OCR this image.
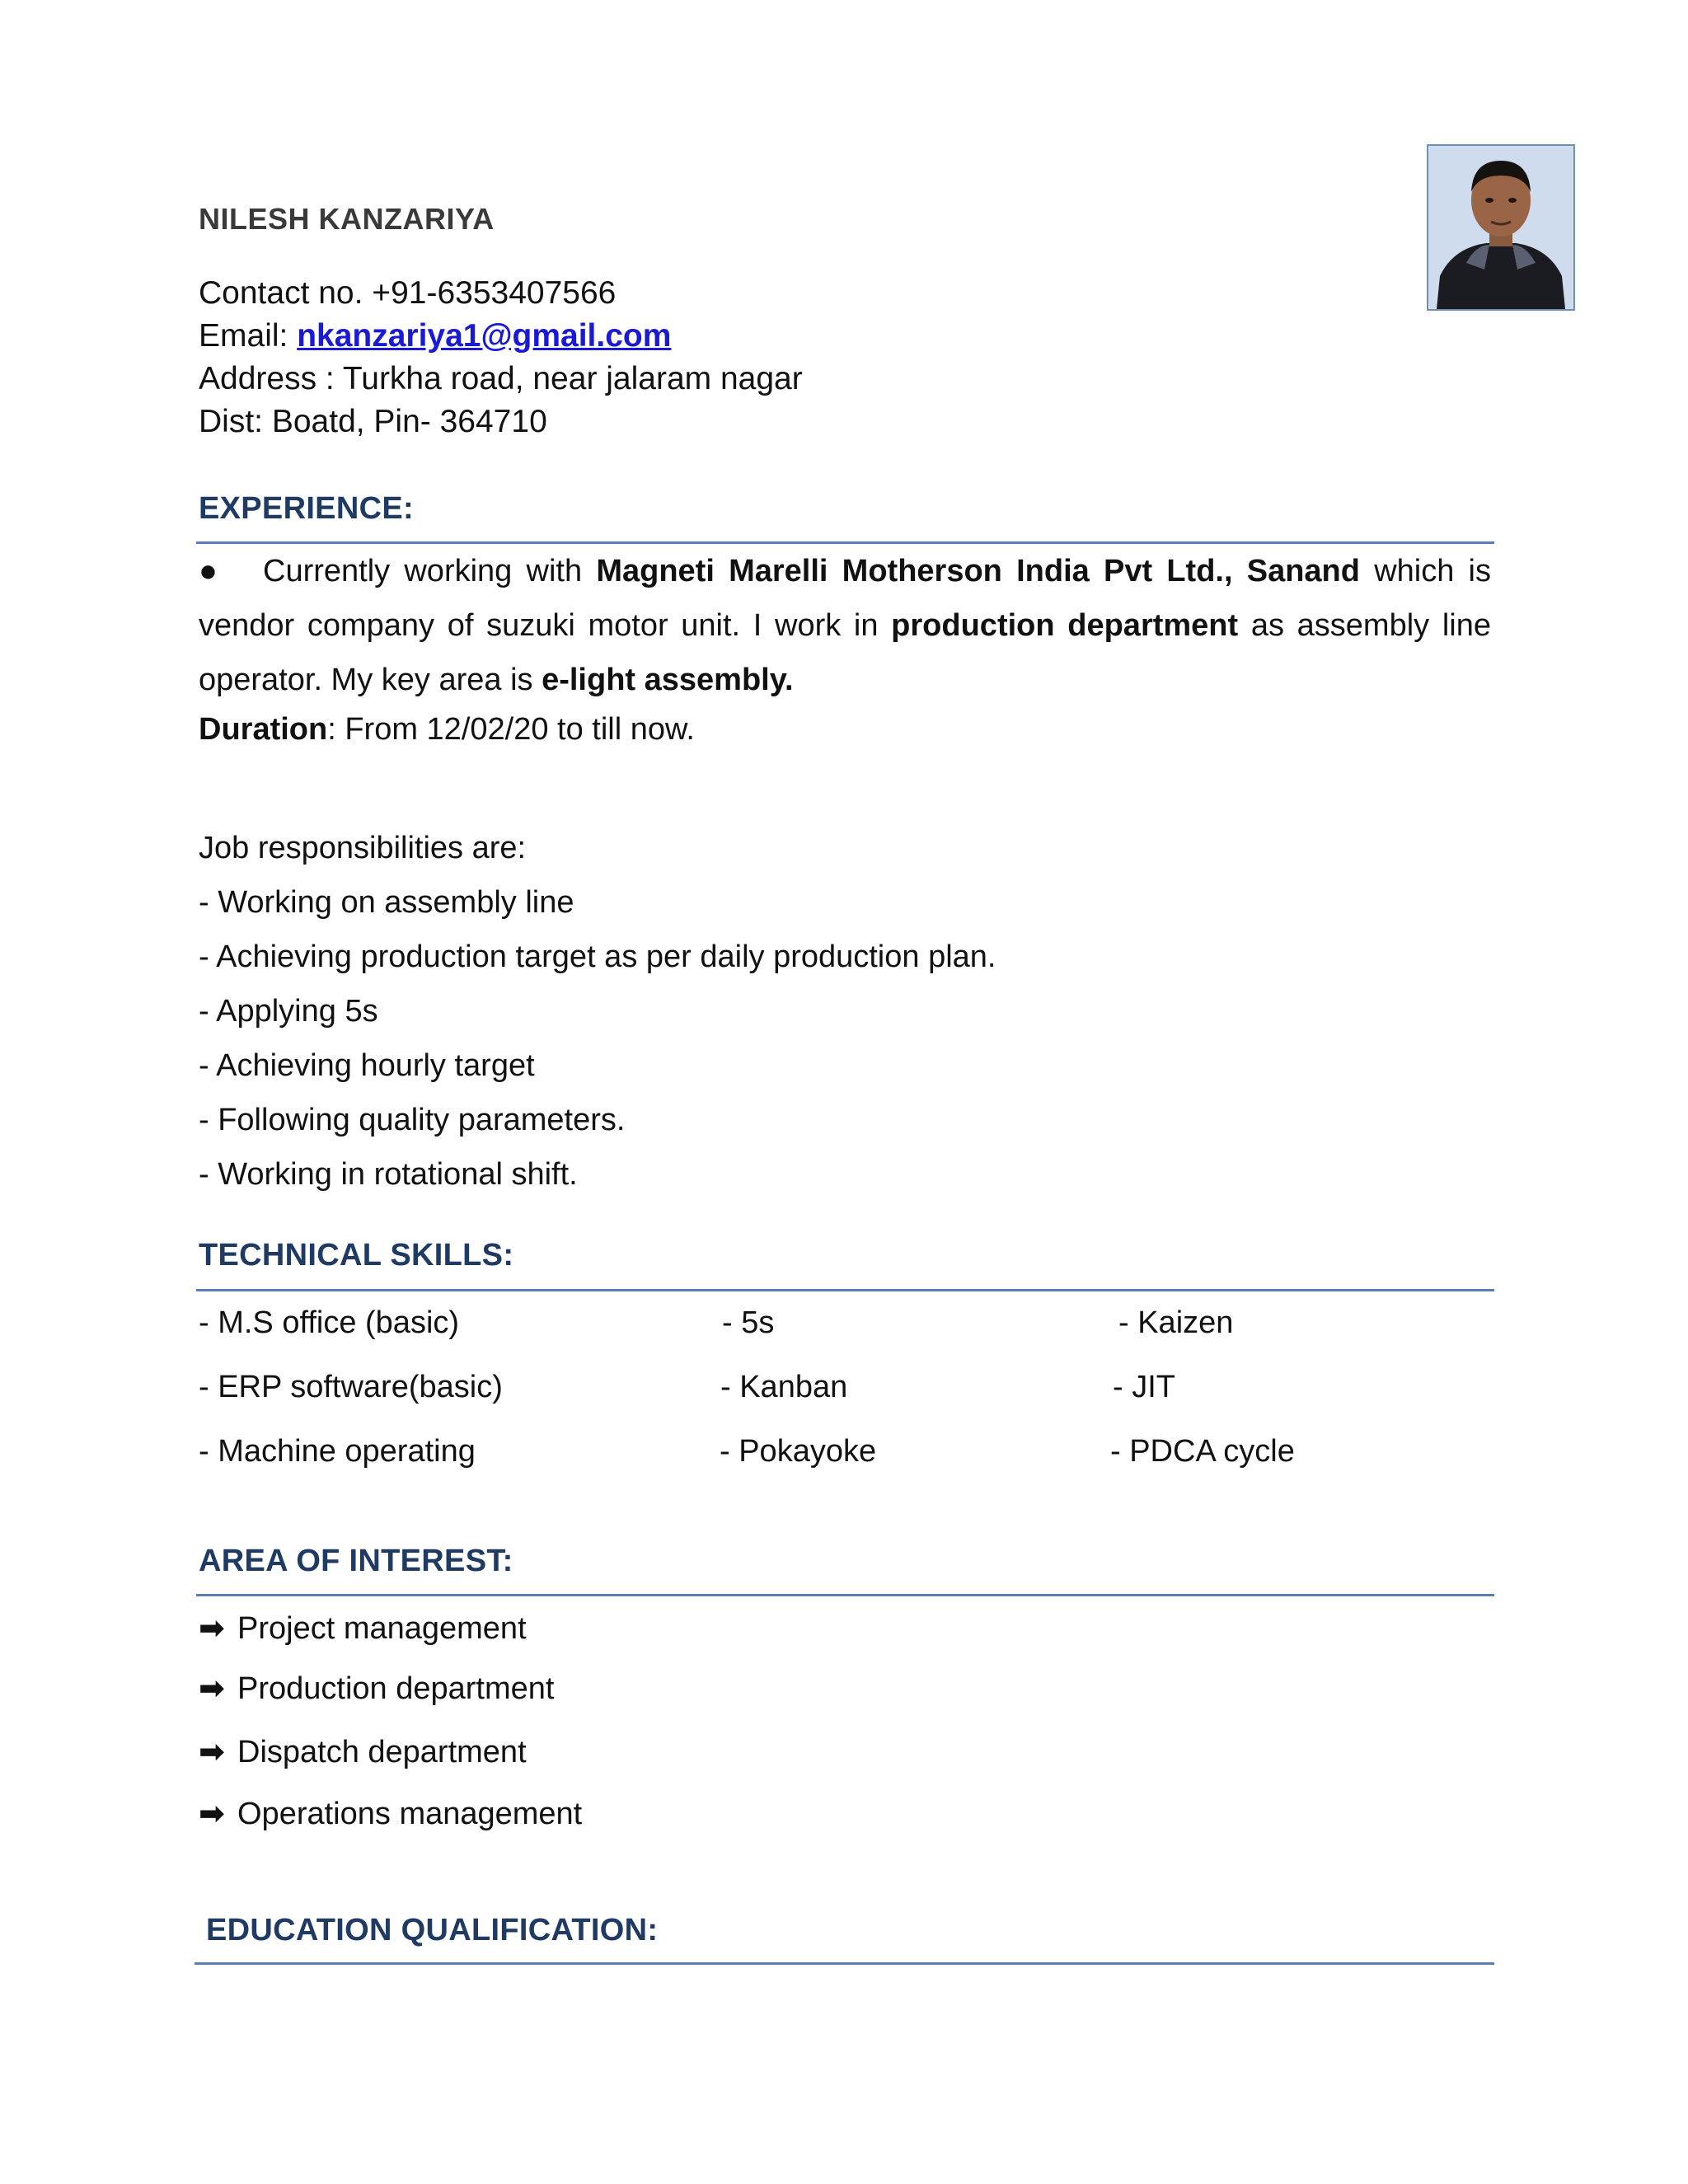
NILESH KANZARIYA
Contact no. +91-6353407566
Email: nkanzariya1@gmail.com
Address : Turkha road, near jalaram nagar
Dist: Boatd, Pin- 364710
EXPERIENCE:
● Currently working with Magneti Marelli Motherson India Pvt Ltd., Sanand which is vendor company of suzuki motor unit. I work in production department as assembly line operator. My key area is e-light assembly.
Duration: From 12/02/20 to till now.
Job responsibilities are:
- Working on assembly line
- Achieving production target as per daily production plan.
- Applying 5s
- Achieving hourly target
- Following quality parameters.
- Working in rotational shift.
TECHNICAL SKILLS:
- M.S office (basic)
- ERP software(basic)
- Machine operating
- 5s
- Kanban
- Pokayoke
- Kaizen
- JIT
- PDCA cycle
AREA OF INTEREST:
➡ Project management
➡ Production department
➡ Dispatch department
➡ Operations management
EDUCATION QUALIFICATION:
